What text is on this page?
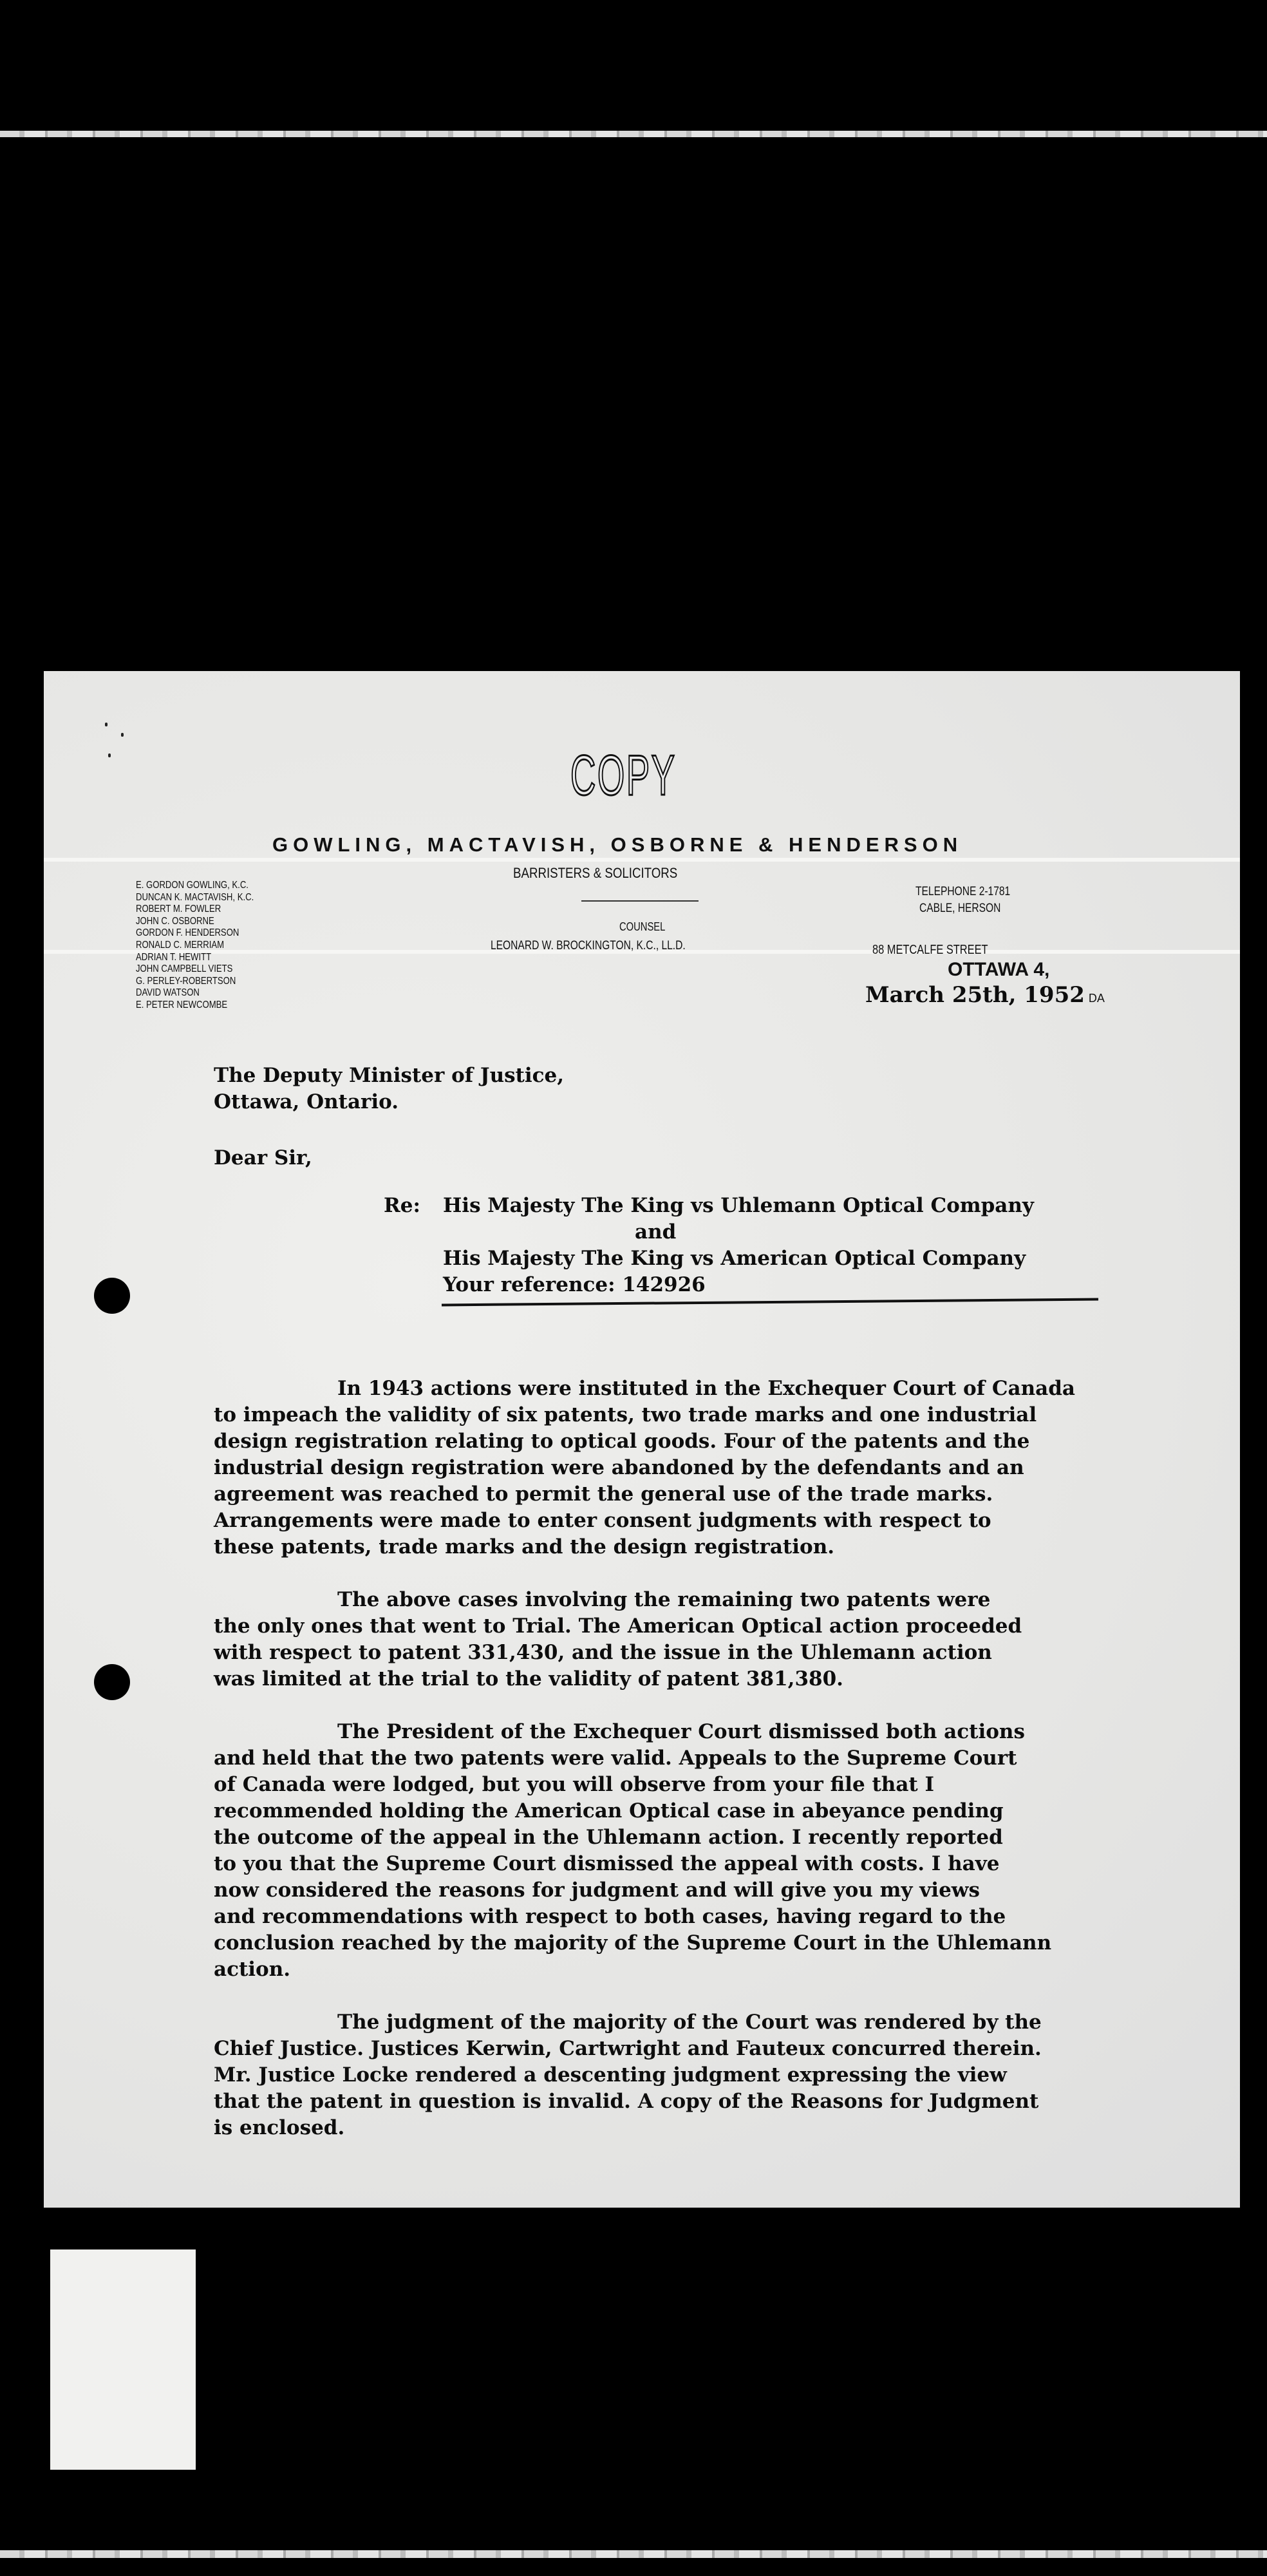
COPY
GOWLING, MACTAVISH, OSBORNE & HENDERSON
BARRISTERS & SOLICITORS
E. GORDON GOWLING, K.C.
DUNCAN K. MACTAVISH, K.C.
ROBERT M. FOWLER
JOHN C. OSBORNE
GORDON F. HENDERSON
RONALD C. MERRIAM
ADRIAN T. HEWITT
JOHN CAMPBELL VIETS
G. PERLEY-ROBERTSON
DAVID WATSON
E. PETER NEWCOMBE
COUNSEL
LEONARD W. BROCKINGTON, K.C., LL.D.
TELEPHONE 2-1781
CABLE, HERSON
88 METCALFE STREET
OTTAWA 4,
March 25th, 1952 DA
The Deputy Minister of Justice,
Ottawa, Ontario.
Dear Sir,
Re: His Majesty The King vs Uhlemann Optical Company
and
His Majesty The King vs American Optical Company
Your reference: 142926
In 1943 actions were instituted in the Exchequer Court of Canada
to impeach the validity of six patents, two trade marks and one industrial
design registration relating to optical goods. Four of the patents and the
industrial design registration were abandoned by the defendants and an
agreement was reached to permit the general use of the trade marks.
Arrangements were made to enter consent judgments with respect to
these patents, trade marks and the design registration.
The above cases involving the remaining two patents were
the only ones that went to Trial. The American Optical action proceeded
with respect to patent 331,430, and the issue in the Uhlemann action
was limited at the trial to the validity of patent 381,380.
The President of the Exchequer Court dismissed both actions
and held that the two patents were valid. Appeals to the Supreme Court
of Canada were lodged, but you will observe from your file that I
recommended holding the American Optical case in abeyance pending
the outcome of the appeal in the Uhlemann action. I recently reported
to you that the Supreme Court dismissed the appeal with costs. I have
now considered the reasons for judgment and will give you my views
and recommendations with respect to both cases, having regard to the
conclusion reached by the majority of the Supreme Court in the Uhlemann
action.
The judgment of the majority of the Court was rendered by the
Chief Justice. Justices Kerwin, Cartwright and Fauteux concurred therein.
Mr. Justice Locke rendered a descenting judgment expressing the view
that the patent in question is invalid. A copy of the Reasons for Judgment
is enclosed.
